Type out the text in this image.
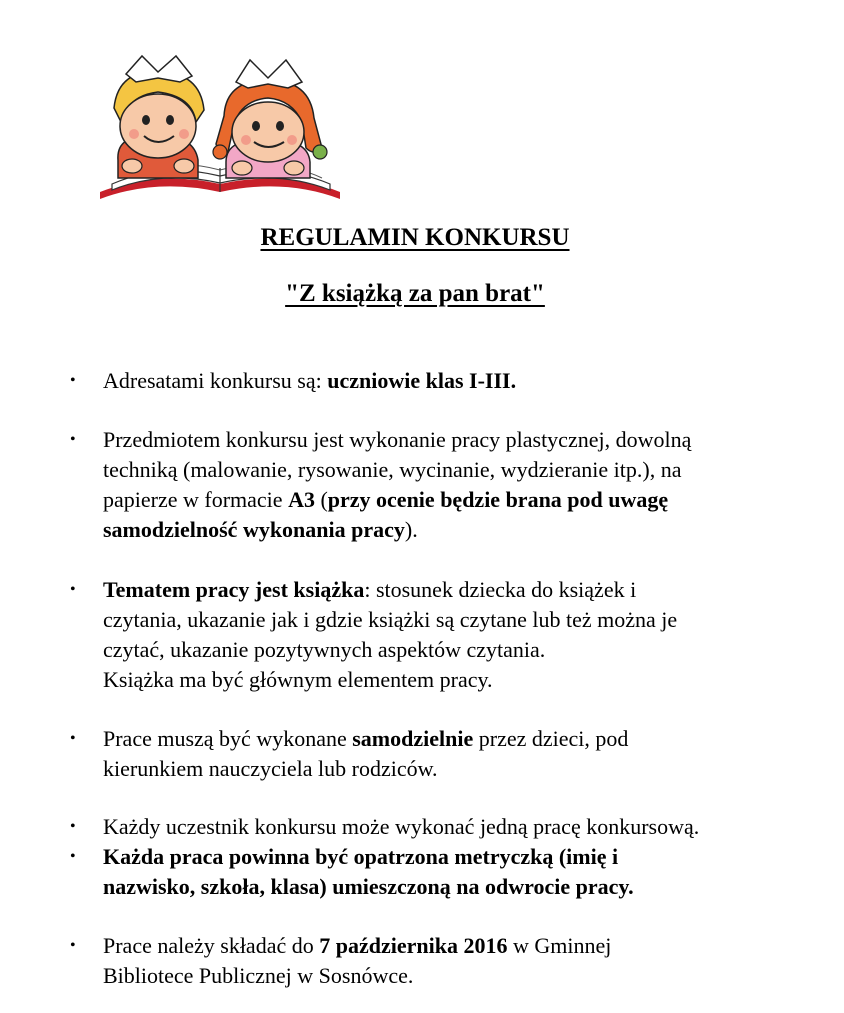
REGULAMIN KONKURSU
"Z książką za pan brat"
• Adresatami konkursu są: uczniowie klas I-III.
• Przedmiotem konkursu jest wykonanie pracy plastycznej, dowolną
techniką (malowanie, rysowanie, wycinanie, wydzieranie itp.), na
papierze w formacie A3 (przy ocenie będzie brana pod uwagę
samodzielność wykonania pracy).
• Tematem pracy jest książka: stosunek dziecka do książek i
czytania, ukazanie jak i gdzie książki są czytane lub też można je
czytać, ukazanie pozytywnych aspektów czytania.
Książka ma być głównym elementem pracy.
• Prace muszą być wykonane samodzielnie przez dzieci, pod
kierunkiem nauczyciela lub rodziców.
• Każdy uczestnik konkursu może wykonać jedną pracę konkursową.
• Każda praca powinna być opatrzona metryczką (imię i
nazwisko, szkoła, klasa) umieszczoną na odwrocie pracy.
• Prace należy składać do 7 października 2016 w Gminnej
Bibliotece Publicznej w Sosnówce.
